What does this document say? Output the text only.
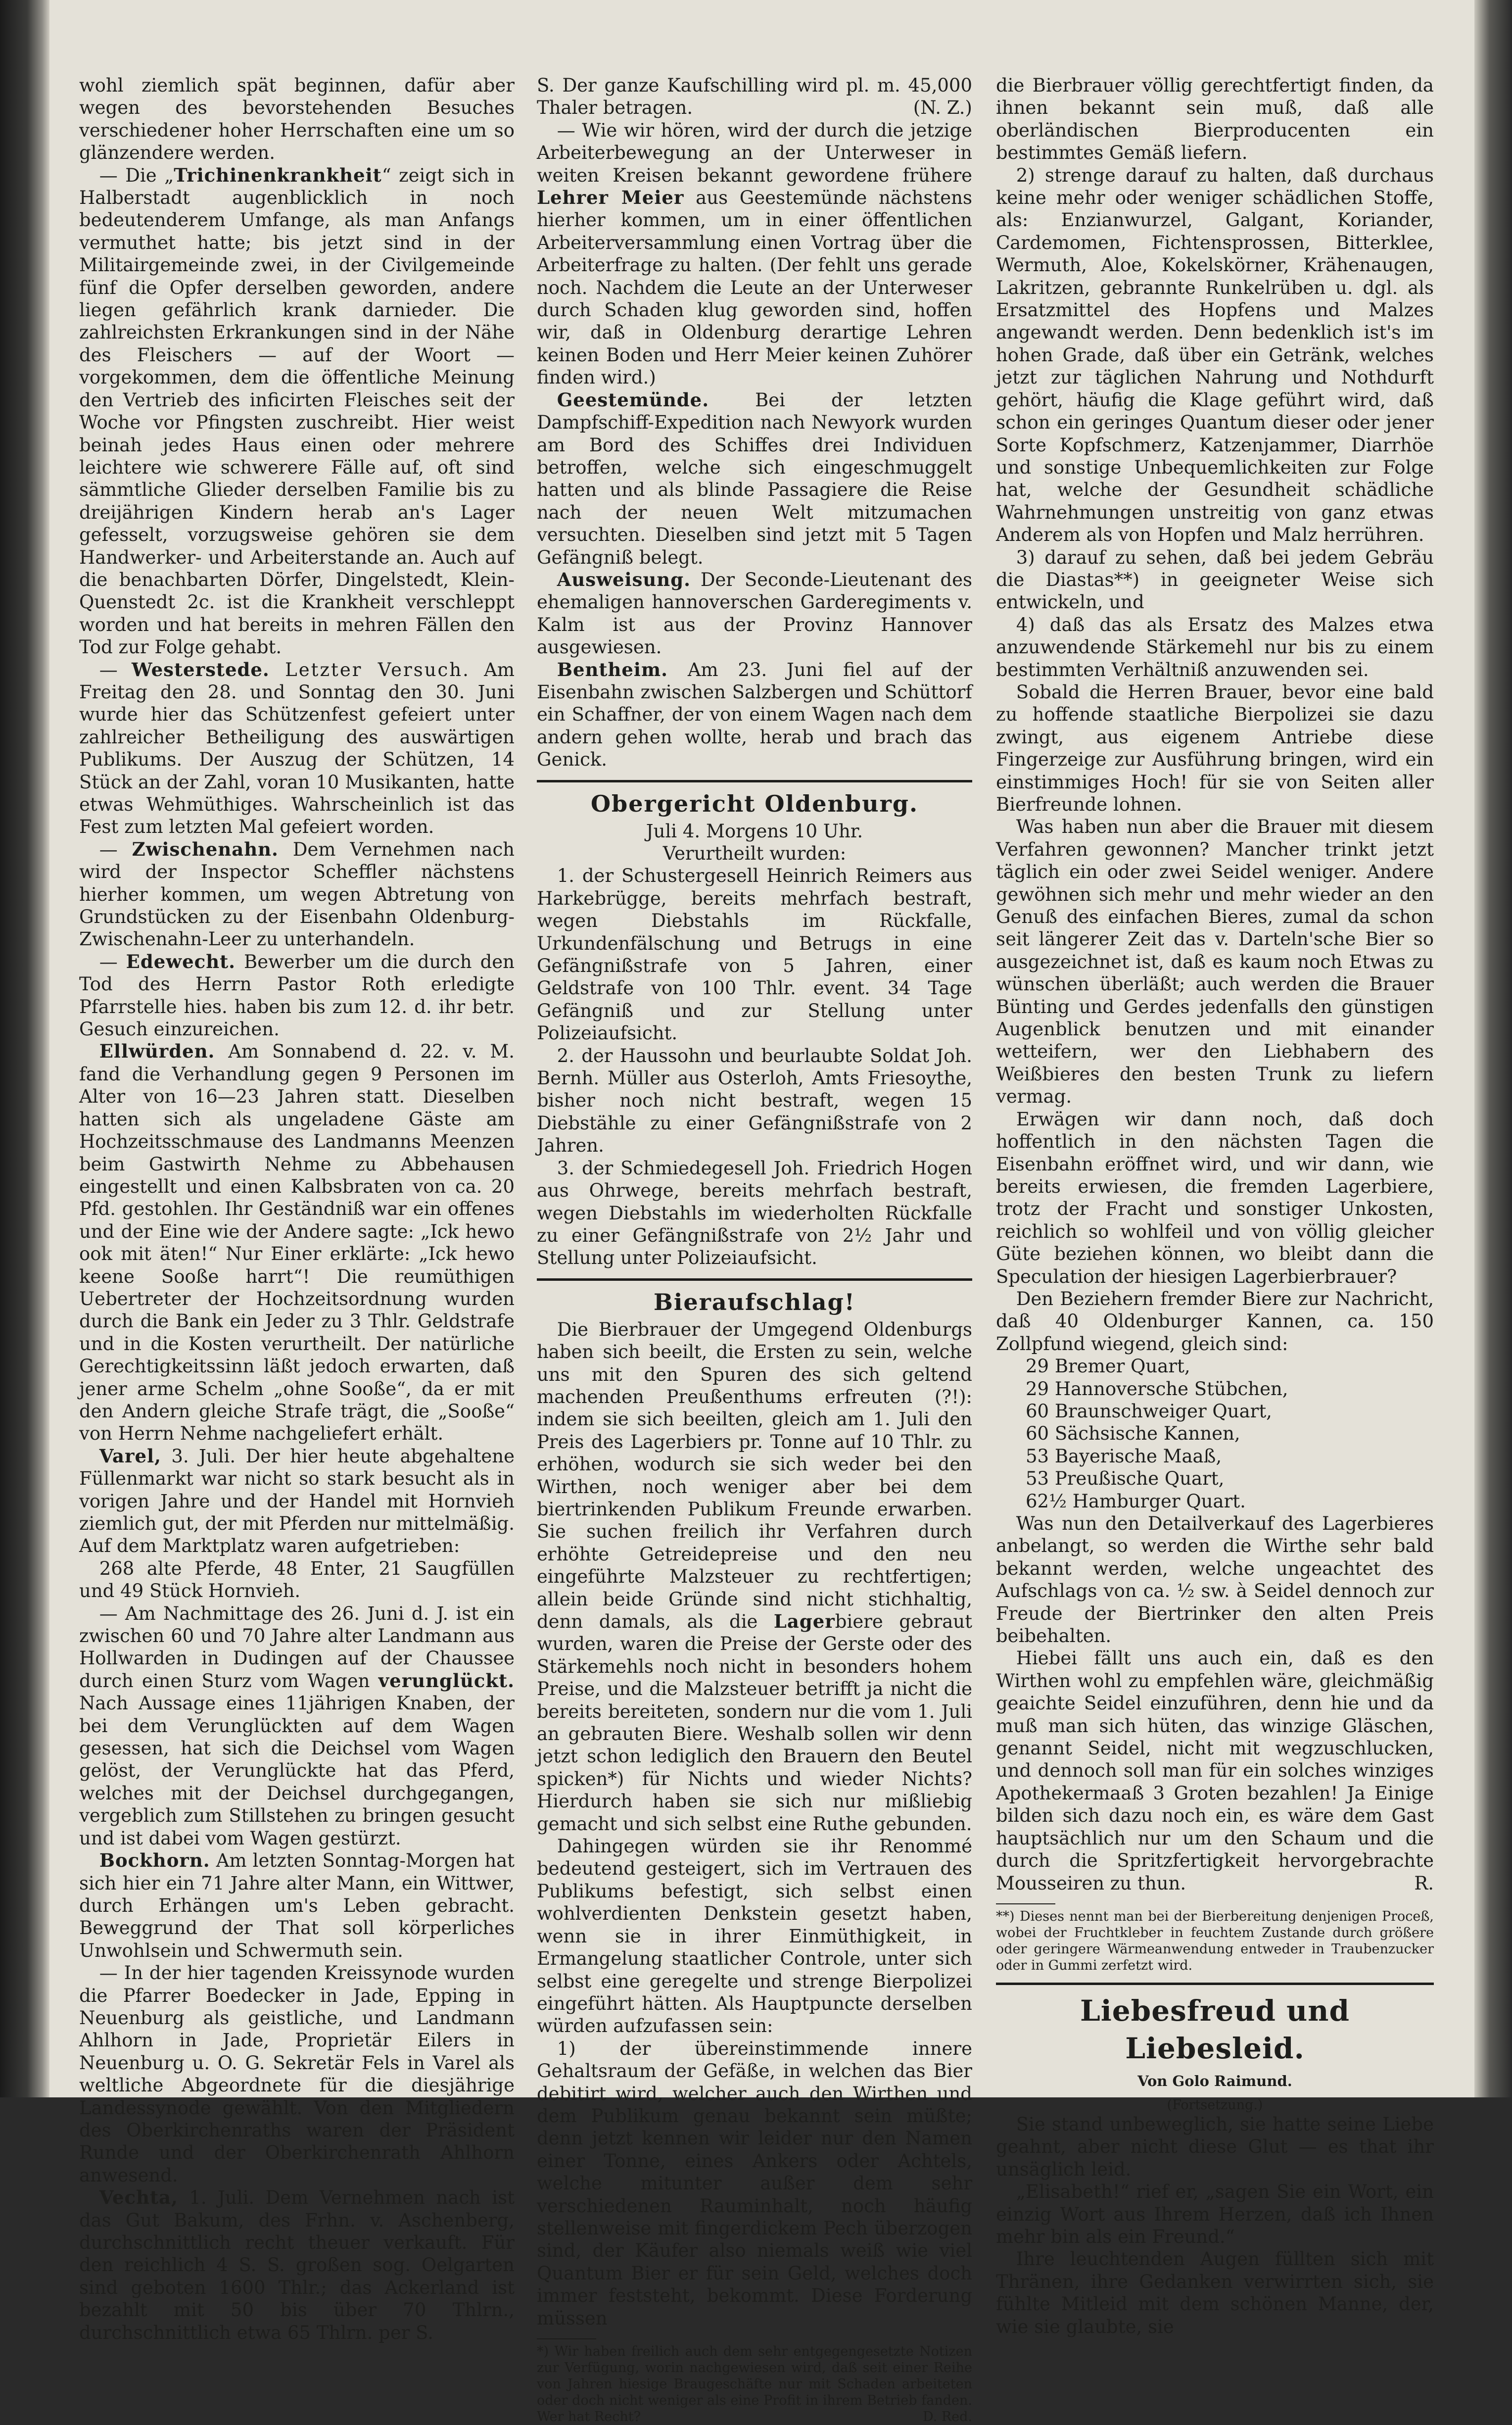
wohl ziemlich spät beginnen, dafür aber wegen des bevorstehenden Besuches verschiedener hoher Herrschaften eine um so glänzendere werden.

— Die „Trichinenkrankheit“ zeigt sich in Halberstadt augenblicklich in noch bedeutenderem Umfange, als man Anfangs vermuthet hatte; bis jetzt sind in der Militairgemeinde zwei, in der Civilgemeinde fünf die Opfer derselben geworden, andere liegen gefährlich krank darnieder. Die zahlreichsten Erkrankungen sind in der Nähe des Fleischers — auf der Woort — vorgekommen, dem die öffentliche Meinung den Vertrieb des inficirten Fleisches seit der Woche vor Pfingsten zuschreibt. Hier weist beinah jedes Haus einen oder mehrere leichtere wie schwerere Fälle auf, oft sind sämmtliche Glieder derselben Familie bis zu dreijährigen Kindern herab an's Lager gefesselt, vorzugsweise gehören sie dem Handwerker- und Arbeiterstande an. Auch auf die benachbarten Dörfer, Dingelstedt, Klein-Quenstedt 2c. ist die Krankheit verschleppt worden und hat bereits in mehren Fällen den Tod zur Folge gehabt.

— Westerstede. Letzter Versuch. Am Freitag den 28. und Sonntag den 30. Juni wurde hier das Schützenfest gefeiert unter zahlreicher Betheiligung des auswärtigen Publikums. Der Auszug der Schützen, 14 Stück an der Zahl, voran 10 Musikanten, hatte etwas Wehmüthiges. Wahrscheinlich ist das Fest zum letzten Mal gefeiert worden.

— Zwischenahn. Dem Vernehmen nach wird der Inspector Scheffler nächstens hierher kommen, um wegen Abtretung von Grundstücken zu der Eisenbahn Oldenburg-Zwischenahn-Leer zu unterhandeln.

— Edewecht. Bewerber um die durch den Tod des Herrn Pastor Roth erledigte Pfarrstelle hies. haben bis zum 12. d. ihr betr. Gesuch einzureichen.

Ellwürden. Am Sonnabend d. 22. v. M. fand die Verhandlung gegen 9 Personen im Alter von 16—23 Jahren statt. Dieselben hatten sich als ungeladene Gäste am Hochzeitsschmause des Landmanns Meenzen beim Gastwirth Nehme zu Abbehausen eingestellt und einen Kalbsbraten von ca. 20 Pfd. gestohlen. Ihr Geständniß war ein offenes und der Eine wie der Andere sagte: „Ick hewo ook mit äten!“ Nur Einer erklärte: „Ick hewo keene Sooße harrt“! Die reumüthigen Uebertreter der Hochzeitsordnung wurden durch die Bank ein Jeder zu 3 Thlr. Geldstrafe und in die Kosten verurtheilt. Der natürliche Gerechtigkeitssinn läßt jedoch erwarten, daß jener arme Schelm „ohne Sooße“, da er mit den Andern gleiche Strafe trägt, die „Sooße“ von Herrn Nehme nachgeliefert erhält.

Varel, 3. Juli. Der hier heute abgehaltene Füllenmarkt war nicht so stark besucht als in vorigen Jahre und der Handel mit Hornvieh ziemlich gut, der mit Pferden nur mittelmäßig. Auf dem Marktplatz waren aufgetrieben:

268 alte Pferde, 48 Enter, 21 Saugfüllen und 49 Stück Hornvieh.

— Am Nachmittage des 26. Juni d. J. ist ein zwischen 60 und 70 Jahre alter Landmann aus Hollwarden in Dudingen auf der Chaussee durch einen Sturz vom Wagen verunglückt. Nach Aussage eines 11jährigen Knaben, der bei dem Verunglückten auf dem Wagen gesessen, hat sich die Deichsel vom Wagen gelöst, der Verunglückte hat das Pferd, welches mit der Deichsel durchgegangen, vergeblich zum Stillstehen zu bringen gesucht und ist dabei vom Wagen gestürzt.

Bockhorn. Am letzten Sonntag-Morgen hat sich hier ein 71 Jahre alter Mann, ein Wittwer, durch Erhängen um's Leben gebracht. Beweggrund der That soll körperliches Unwohlsein und Schwermuth sein.

— In der hier tagenden Kreissynode wurden die Pfarrer Boedecker in Jade, Epping in Neuenburg als geistliche, und Landmann Ahlhorn in Jade, Proprietär Eilers in Neuenburg u. O. G. Sekretär Fels in Varel als weltliche Abgeordnete für die diesjährige Landessynode gewählt. Von den Mitgliedern des Oberkirchenraths waren der Präsident Runde und der Oberkirchenrath Ahlhorn anwesend.

Vechta, 1. Juli. Dem Vernehmen nach ist das Gut Bakum, des Frhn. v. Aschenberg, durchschnittlich recht theuer verkauft. Für den reichlich 4 S. S. großen sog. Oelgarten sind geboten 1600 Thlr.; das Ackerland ist bezahlt mit 50 bis über 70 Thlrn., durchschnittlich etwa 65 Thlrn. per S.

S. Der ganze Kaufschilling wird pl. m. 45,000 Thaler betragen.	(N. Z.)

— Wie wir hören, wird der durch die jetzige Arbeiterbewegung an der Unterweser in weiten Kreisen bekannt gewordene frühere Lehrer Meier aus Geestemünde nächstens hierher kommen, um in einer öffentlichen Arbeiterversammlung einen Vortrag über die Arbeiterfrage zu halten. (Der fehlt uns gerade noch. Nachdem die Leute an der Unterweser durch Schaden klug geworden sind, hoffen wir, daß in Oldenburg derartige Lehren keinen Boden und Herr Meier keinen Zuhörer finden wird.)

Geestemünde. Bei der letzten Dampfschiff-Expedition nach Newyork wurden am Bord des Schiffes drei Individuen betroffen, welche sich eingeschmuggelt hatten und als blinde Passagiere die Reise nach der neuen Welt mitzumachen versuchten. Dieselben sind jetzt mit 5 Tagen Gefängniß belegt.

Ausweisung. Der Seconde-Lieutenant des ehemaligen hannoverschen Garderegiments v. Kalm ist aus der Provinz Hannover ausgewiesen.

Bentheim. Am 23. Juni fiel auf der Eisenbahn zwischen Salzbergen und Schüttorf ein Schaffner, der von einem Wagen nach dem andern gehen wollte, herab und brach das Genick.

Obergericht Oldenburg.

Juli 4. Morgens 10 Uhr.

Verurtheilt wurden:

1. der Schustergesell Heinrich Reimers aus Harkebrügge, bereits mehrfach bestraft, wegen Diebstahls im Rückfalle, Urkundenfälschung und Betrugs in eine Gefängnißstrafe von 5 Jahren, einer Geldstrafe von 100 Thlr. event. 34 Tage Gefängniß und zur Stellung unter Polizeiaufsicht.

2. der Haussohn und beurlaubte Soldat Joh. Bernh. Müller aus Osterloh, Amts Friesoythe, bisher noch nicht bestraft, wegen 15 Diebstähle zu einer Gefängnißstrafe von 2 Jahren.

3. der Schmiedegesell Joh. Friedrich Hogen aus Ohrwege, bereits mehrfach bestraft, wegen Diebstahls im wiederholten Rückfalle zu einer Gefängnißstrafe von 2½ Jahr und Stellung unter Polizeiaufsicht.

Bieraufschlag!

Die Bierbrauer der Umgegend Oldenburgs haben sich beeilt, die Ersten zu sein, welche uns mit den Spuren des sich geltend machenden Preußenthums erfreuten (?!): indem sie sich beeilten, gleich am 1. Juli den Preis des Lagerbiers pr. Tonne auf 10 Thlr. zu erhöhen, wodurch sie sich weder bei den Wirthen, noch weniger aber bei dem biertrinkenden Publikum Freunde erwarben. Sie suchen freilich ihr Verfahren durch erhöhte Getreidepreise und den neu eingeführte Malzsteuer zu rechtfertigen; allein beide Gründe sind nicht stichhaltig, denn damals, als die Lagerbiere gebraut wurden, waren die Preise der Gerste oder des Stärkemehls noch nicht in besonders hohem Preise, und die Malzsteuer betrifft ja nicht die bereits bereiteten, sondern nur die vom 1. Juli an gebrauten Biere. Weshalb sollen wir denn jetzt schon lediglich den Brauern den Beutel spicken*) für Nichts und wieder Nichts? Hierdurch haben sie sich nur mißliebig gemacht und sich selbst eine Ruthe gebunden.

Dahingegen würden sie ihr Renommé bedeutend gesteigert, sich im Vertrauen des Publikums befestigt, sich selbst einen wohlverdienten Denkstein gesetzt haben, wenn sie in ihrer Einmüthigkeit, in Ermangelung staatlicher Controle, unter sich selbst eine geregelte und strenge Bierpolizei eingeführt hätten. Als Hauptpuncte derselben würden aufzufassen sein:

1) der übereinstimmende innere Gehaltsraum der Gefäße, in welchen das Bier debitirt wird, welcher auch den Wirthen und dem Publikum genau bekannt sein müßte; denn jetzt kennen wir leider nur den Namen einer Tonne, eines Ankers oder Achtels, welche mitunter außer dem sehr verschiedenen Rauminhalt, noch häufig stellenweise mit fingerdickem Pech überzogen sind, der Käufer also niemals weiß wie viel Quantum Bier er für sein Geld, welches doch immer feststeht, bekommt. Diese Forderung müssen

*) Wir haben freilich auch dem sehr entgegengesetzte Notizen zur Verfügung, worin nachgewiesen wird, daß seit einer Reihe von Jahren hiesige Braugeschäfte nur mit Schaden arbeiteten oder doch nicht weniger als eine Profit in ihrem Betrieb fanden. Wer hat Recht?	D. Red.

die Bierbrauer völlig gerechtfertigt finden, da ihnen bekannt sein muß, daß alle oberländischen Bierproducenten ein bestimmtes Gemäß liefern.

2) strenge darauf zu halten, daß durchaus keine mehr oder weniger schädlichen Stoffe, als: Enzianwurzel, Galgant, Koriander, Cardemomen, Fichtensprossen, Bitterklee, Wermuth, Aloe, Kokelskörner, Krähenaugen, Lakritzen, gebrannte Runkelrüben u. dgl. als Ersatzmittel des Hopfens und Malzes angewandt werden. Denn bedenklich ist's im hohen Grade, daß über ein Getränk, welches jetzt zur täglichen Nahrung und Nothdurft gehört, häufig die Klage geführt wird, daß schon ein geringes Quantum dieser oder jener Sorte Kopfschmerz, Katzenjammer, Diarrhöe und sonstige Unbequemlichkeiten zur Folge hat, welche der Gesundheit schädliche Wahrnehmungen unstreitig von ganz etwas Anderem als von Hopfen und Malz herrühren.

3) darauf zu sehen, daß bei jedem Gebräu die Diastas**) in geeigneter Weise sich entwickeln, und

4) daß das als Ersatz des Malzes etwa anzuwendende Stärkemehl nur bis zu einem bestimmten Verhältniß anzuwenden sei.

Sobald die Herren Brauer, bevor eine bald zu hoffende staatliche Bierpolizei sie dazu zwingt, aus eigenem Antriebe diese Fingerzeige zur Ausführung bringen, wird ein einstimmiges Hoch! für sie von Seiten aller Bierfreunde lohnen.

Was haben nun aber die Brauer mit diesem Verfahren gewonnen? Mancher trinkt jetzt täglich ein oder zwei Seidel weniger. Andere gewöhnen sich mehr und mehr wieder an den Genuß des einfachen Bieres, zumal da schon seit längerer Zeit das v. Darteln'sche Bier so ausgezeichnet ist, daß es kaum noch Etwas zu wünschen überläßt; auch werden die Brauer Bünting und Gerdes jedenfalls den günstigen Augenblick benutzen und mit einander wetteifern, wer den Liebhabern des Weißbieres den besten Trunk zu liefern vermag.

Erwägen wir dann noch, daß doch hoffentlich in den nächsten Tagen die Eisenbahn eröffnet wird, und wir dann, wie bereits erwiesen, die fremden Lagerbiere, trotz der Fracht und sonstiger Unkosten, reichlich so wohlfeil und von völlig gleicher Güte beziehen können, wo bleibt dann die Speculation der hiesigen Lagerbierbrauer?

Den Beziehern fremder Biere zur Nachricht, daß 40 Oldenburger Kannen, ca. 150 Zollpfund wiegend, gleich sind:

29 Bremer Quart,
29 Hannoversche Stübchen,
60 Braunschweiger Quart,
60 Sächsische Kannen,
53 Bayerische Maaß,
53 Preußische Quart,
62½ Hamburger Quart.

Was nun den Detailverkauf des Lagerbieres anbelangt, so werden die Wirthe sehr bald bekannt werden, welche ungeachtet des Aufschlags von ca. ½ sw. à Seidel dennoch zur Freude der Biertrinker den alten Preis beibehalten.

Hiebei fällt uns auch ein, daß es den Wirthen wohl zu empfehlen wäre, gleichmäßig geaichte Seidel einzuführen, denn hie und da muß man sich hüten, das winzige Gläschen, genannt Seidel, nicht mit wegzuschlucken, und dennoch soll man für ein solches winziges Apothekermaaß 3 Groten bezahlen! Ja Einige bilden sich dazu noch ein, es wäre dem Gast hauptsächlich nur um den Schaum und die durch die Spritzfertigkeit hervorgebrachte Mousseiren zu thun.	R.

**) Dieses nennt man bei der Bierbereitung denjenigen Proceß, wobei der Fruchtkleber in feuchtem Zustande durch größere oder geringere Wärmeanwendung entweder in Traubenzucker oder in Gummi zerfetzt wird.
Liebesfreud und Liebesleid.
Von Golo Raimund.

(Fortsetzung.)

Sie stand unbeweglich, sie hatte seine Liebe geahnt, aber nicht diese Glut — es that ihr unsäglich leid.

„Elisabeth!“ rief er, „sagen Sie ein Wort, ein einzig Wort aus Ihrem Herzen, daß ich Ihnen mehr bin als ein Freund.“

Ihre leuchtenden Augen füllten sich mit Thränen, ihre Gedanken verwirrten sich, sie fühlte Mitleid mit dem schönen Manne, der, wie sie glaubte, sie
